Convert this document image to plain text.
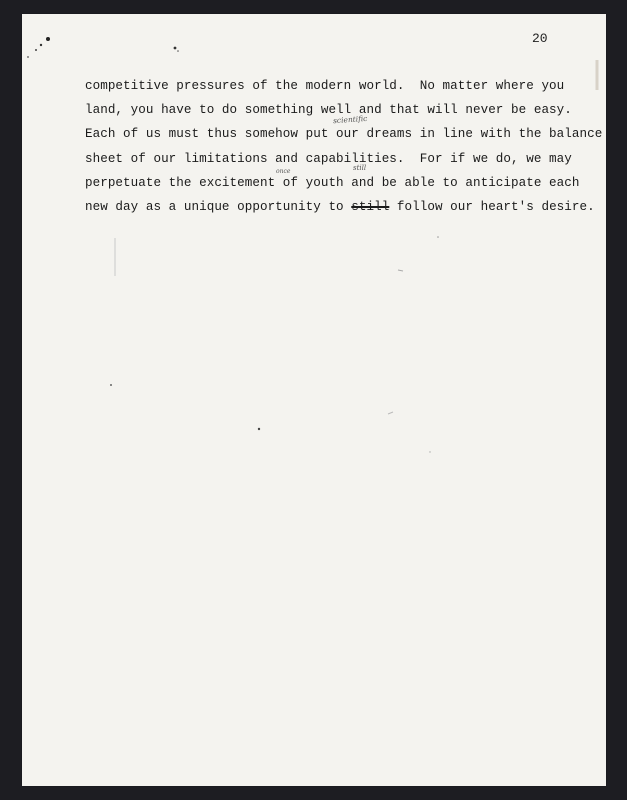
20
competitive pressures of the modern world.  No matter where you
land, you have to do something well and that will never be easy.
Each of us must thus somehow put our dreams in line with the balance
sheet of our limitations and capabilities.  For if we do, we may
perpetuate the excitement of youth and be able to anticipate each
new day as a unique opportunity to still follow our heart's desire.
scientific
once	still
